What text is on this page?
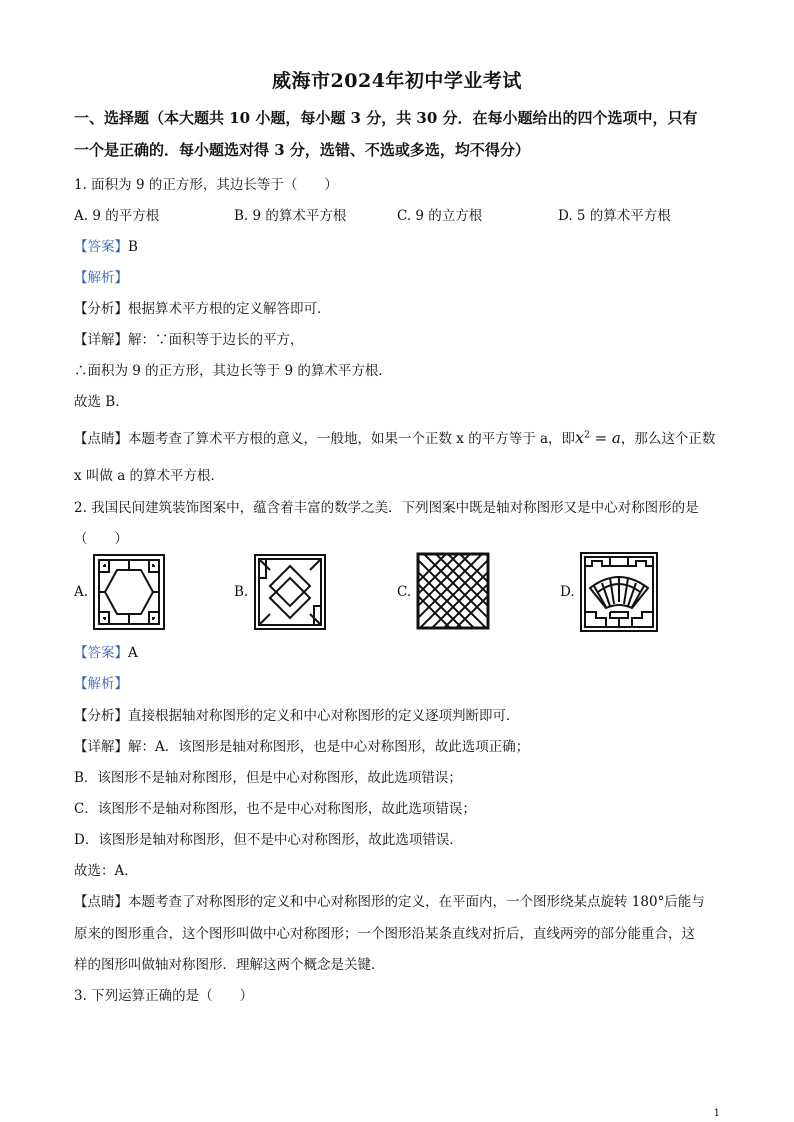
威海市2024年初中学业考试
一、选择题（本大题共 10 小题，每小题 3 分，共 30 分．在每小题给出的四个选项中，只有
一个是正确的．每小题选对得 3 分，选错、不选或多选，均不得分）
1. 面积为 9 的正方形，其边长等于（　　）
A. 9 的平方根	B. 9 的算术平方根	C. 9 的立方根	D. 5 的算术平方根
【答案】B
【解析】
【分析】根据算术平方根的定义解答即可．
【详解】解：∵面积等于边长的平方，
∴面积为 9 的正方形，其边长等于 9 的算术平方根．
故选 B．
【点睛】本题考查了算术平方根的意义，一般地，如果一个正数 x 的平方等于 a，即$x^2 = a$，那么这个正数
x 叫做 a 的算术平方根．
2. 我国民间建筑装饰图案中，蕴含着丰富的数学之美．下列图案中既是轴对称图形又是中心对称图形的是
（　　）
A.	B.	C.	D.
【答案】A
【解析】
【分析】直接根据轴对称图形的定义和中心对称图形的定义逐项判断即可．
【详解】解：A．该图形是轴对称图形，也是中心对称图形，故此选项正确；
B．该图形不是轴对称图形，但是中心对称图形，故此选项错误；
C．该图形不是轴对称图形，也不是中心对称图形，故此选项错误；
D．该图形是轴对称图形，但不是中心对称图形，故此选项错误．
故选：A．
【点睛】本题考查了对称图形的定义和中心对称图形的定义，在平面内，一个图形绕某点旋转 180°后能与
原来的图形重合，这个图形叫做中心对称图形；一个图形沿某条直线对折后，直线两旁的部分能重合，这
样的图形叫做轴对称图形．理解这两个概念是关键．
3. 下列运算正确的是（　　）
1
